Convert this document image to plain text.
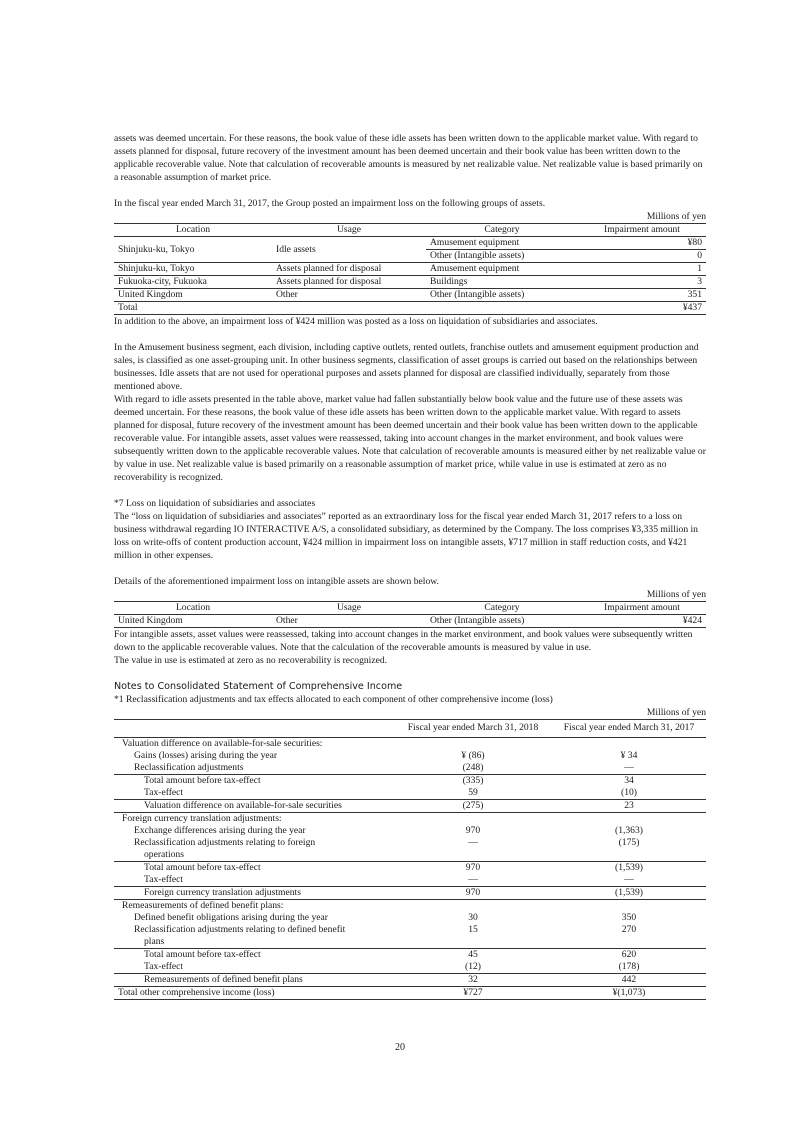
assets was deemed uncertain. For these reasons, the book value of these idle assets has been written down to the applicable market value. With regard to assets planned for disposal, future recovery of the investment amount has been deemed uncertain and their book value has been written down to the applicable recoverable value. Note that calculation of recoverable amounts is measured by net realizable value. Net realizable value is based primarily on a reasonable assumption of market price.

In the fiscal year ended March 31, 2017, the Group posted an impairment loss on the following groups of assets.

Millions of yen
Location	Usage	Category	Impairment amount
Shinjuku-ku, Tokyo	Idle assets	Amusement equipment	¥80
		Other (Intangible assets)	0
Shinjuku-ku, Tokyo	Assets planned for disposal	Amusement equipment	1
Fukuoka-city, Fukuoka	Assets planned for disposal	Buildings	3
United Kingdom	Other	Other (Intangible assets)	351
Total			¥437

In addition to the above, an impairment loss of ¥424 million was posted as a loss on liquidation of subsidiaries and associates.

In the Amusement business segment, each division, including captive outlets, rented outlets, franchise outlets and amusement equipment production and sales, is classified as one asset-grouping unit. In other business segments, classification of asset groups is carried out based on the relationships between businesses. Idle assets that are not used for operational purposes and assets planned for disposal are classified individually, separately from those mentioned above.

With regard to idle assets presented in the table above, market value had fallen substantially below book value and the future use of these assets was deemed uncertain. For these reasons, the book value of these idle assets has been written down to the applicable market value. With regard to assets planned for disposal, future recovery of the investment amount has been deemed uncertain and their book value has been written down to the applicable recoverable value. For intangible assets, asset values were reassessed, taking into account changes in the market environment, and book values were subsequently written down to the applicable recoverable values. Note that calculation of recoverable amounts is measured either by net realizable value or by value in use. Net realizable value is based primarily on a reasonable assumption of market price, while value in use is estimated at zero as no recoverability is recognized.

*7 Loss on liquidation of subsidiaries and associates

The “loss on liquidation of subsidiaries and associates” reported as an extraordinary loss for the fiscal year ended March 31, 2017 refers to a loss on business withdrawal regarding IO INTERACTIVE A/S, a consolidated subsidiary, as determined by the Company. The loss comprises ¥3,335 million in loss on write-offs of content production account, ¥424 million in impairment loss on intangible assets, ¥717 million in staff reduction costs, and ¥421 million in other expenses.

Details of the aforementioned impairment loss on intangible assets are shown below.

Millions of yen
Location	Usage	Category	Impairment amount
United Kingdom	Other	Other (Intangible assets)	¥424

For intangible assets, asset values were reassessed, taking into account changes in the market environment, and book values were subsequently written down to the applicable recoverable values. Note that the calculation of the recoverable amounts is measured by value in use.

The value in use is estimated at zero as no recoverability is recognized.

Notes to Consolidated Statement of Comprehensive Income

*1 Reclassification adjustments and tax effects allocated to each component of other comprehensive income (loss)

Millions of yen
	Fiscal year ended March 31, 2018	Fiscal year ended March 31, 2017
Valuation difference on available-for-sale securities:		
Gains (losses) arising during the year	¥ (86)	¥ 34
Reclassification adjustments	(248)	—
Total amount before tax-effect	(335)	34
Tax-effect	59	(10)
Valuation difference on available-for-sale securities	(275)	23
Foreign currency translation adjustments:		
Exchange differences arising during the year	970	(1,363)
Reclassification adjustments relating to foreign
operations	—	(175)
Total amount before tax-effect	970	(1,539)
Tax-effect	—	—
Foreign currency translation adjustments	970	(1,539)
Remeasurements of defined benefit plans:		
Defined benefit obligations arising during the year	30	350
Reclassification adjustments relating to defined benefit
plans	15	270
Total amount before tax-effect	45	620
Tax-effect	(12)	(178)
Remeasurements of defined benefit plans	32	442
Total other comprehensive income (loss)	¥727	¥(1,073)
20
